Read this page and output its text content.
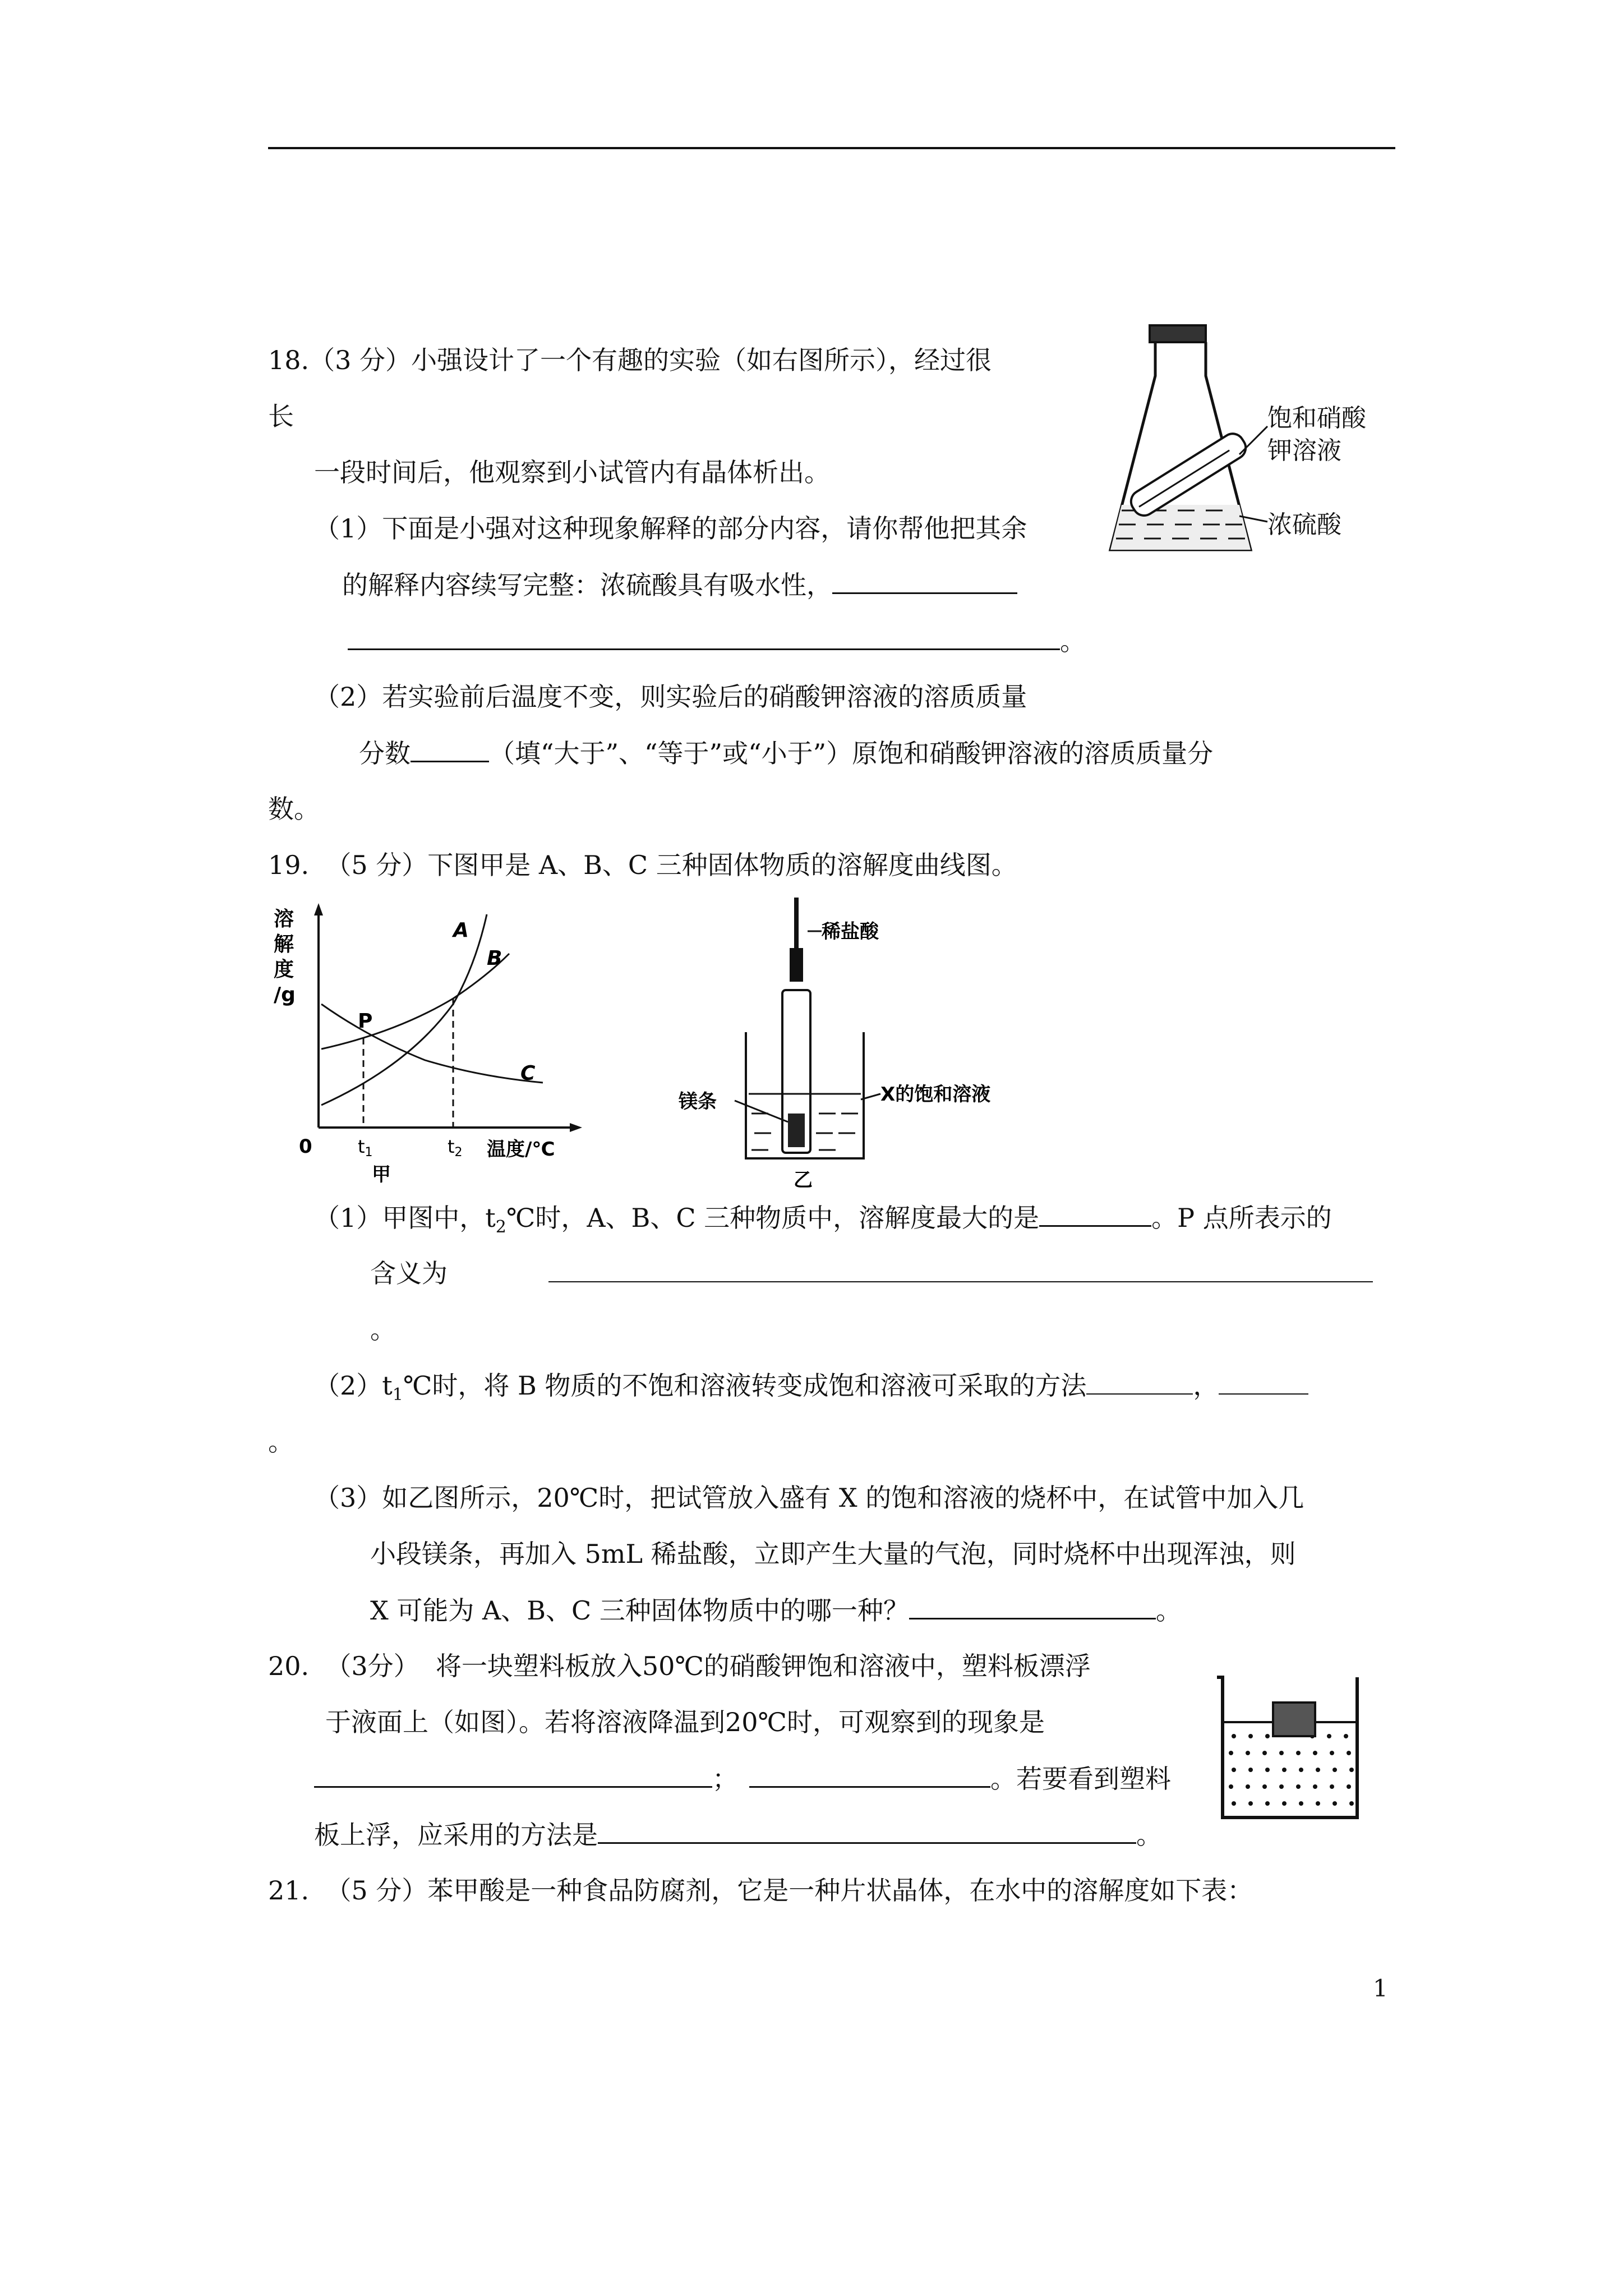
18.（3 分）小强设计了一个有趣的实验（如右图所示），经过很
长
一段时间后，他观察到小试管内有晶体析出。
（1）下面是小强对这种现象解释的部分内容，请你帮他把其余
的解释内容续写完整：浓硫酸具有吸水性，
。
（2）若实验前后温度不变，则实验后的硝酸钾溶液的溶质质量
分数	（填“大于”、“等于”或“小于”）原饱和硝酸钾溶液的溶质质量分
数。
饱和硝酸
钾溶液
浓硫酸
19.  （5 分）下图甲是 A、B、C 三种固体物质的溶解度曲线图。
溶
解
度
/g
P
A
B
C
0	t1	t2 温度/℃
甲
稀盐酸
镁条	X的饱和溶液
乙
（1）甲图中，$t_2℃$时，A、B、C 三种物质中，溶解度最大的是	。P 点所表示的
含义为
。
$(2)t_1℃$时，将 B 物质的不饱和溶液转变成饱和溶液可采取的方法	，
。
（3）如乙图所示，20℃时，把试管放入盛有 X 的饱和溶液的烧杯中，在试管中加入几
小段镁条，再加入 5mL 稀盐酸，立即产生大量的气泡，同时烧杯中出现浑浊，则
X 可能为 A、B、C 三种固体物质中的哪一种？	。
20.  （3分）  将一块塑料板放入50℃的硝酸钾饱和溶液中，塑料板漂浮
于液面上（如图）。若将溶液降温到20℃时，可观察到的现象是
；	。若要看到塑料
板上浮，应采用的方法是	。
21.  （5 分）苯甲酸是一种食品防腐剂，它是一种片状晶体，在水中的溶解度如下表：
1
